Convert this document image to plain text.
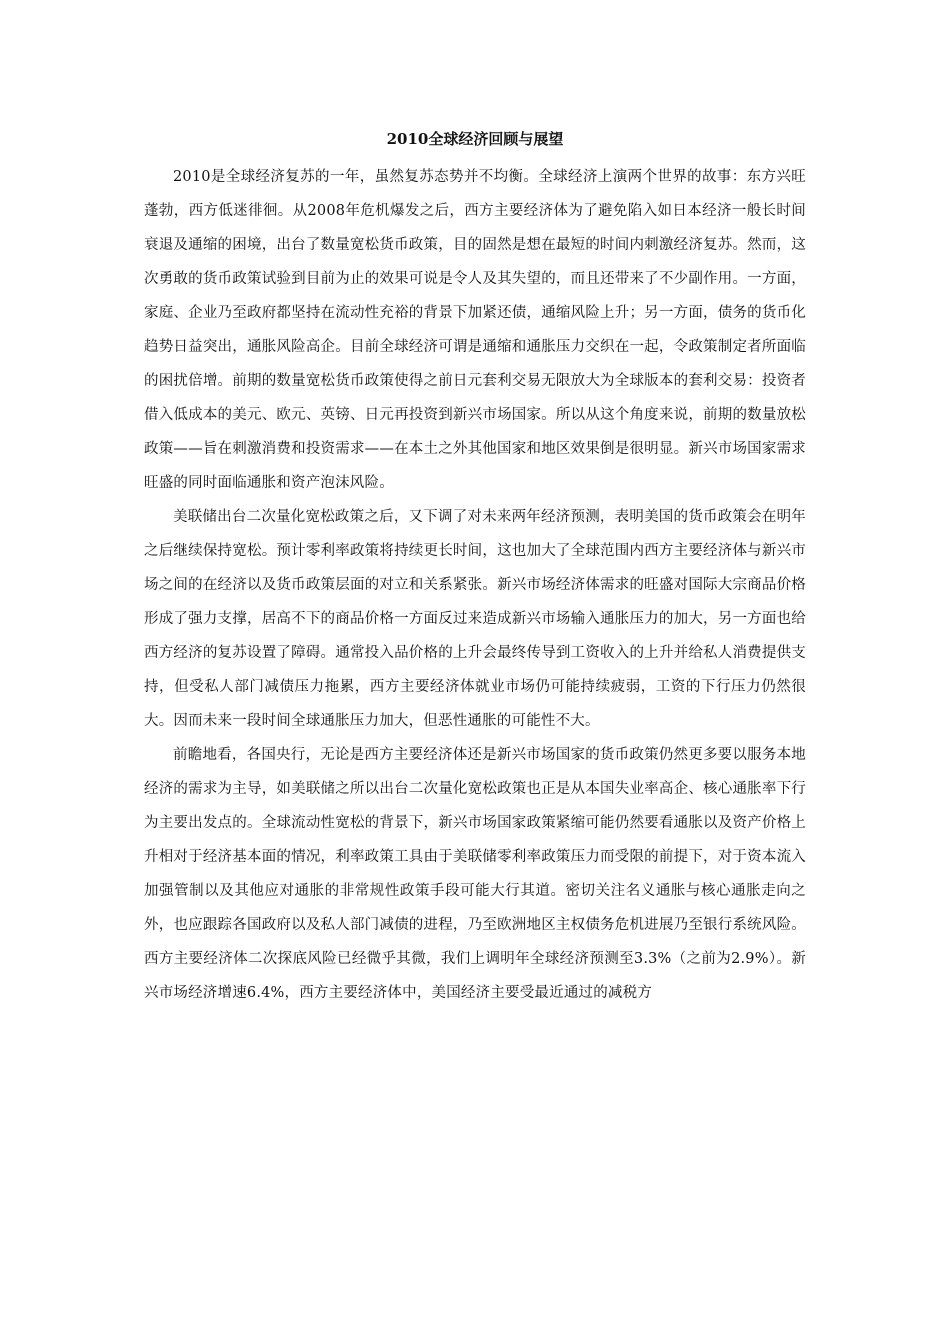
2010全球经济回顾与展望

2010是全球经济复苏的一年，虽然复苏态势并不均衡。全球经济上演两个世界的故事：东方兴旺蓬勃，西方低迷徘徊。从2008年危机爆发之后，西方主要经济体为了避免陷入如日本经济一般长时间衰退及通缩的困境，出台了数量宽松货币政策，目的固然是想在最短的时间内刺激经济复苏。然而，这次勇敢的货币政策试验到目前为止的效果可说是令人及其失望的，而且还带来了不少副作用。一方面，家庭、企业乃至政府都坚持在流动性充裕的背景下加紧还债，通缩风险上升；另一方面，债务的货币化趋势日益突出，通胀风险高企。目前全球经济可谓是通缩和通胀压力交织在一起，令政策制定者所面临的困扰倍增。前期的数量宽松货币政策使得之前日元套利交易无限放大为全球版本的套利交易：投资者借入低成本的美元、欧元、英镑、日元再投资到新兴市场国家。所以从这个角度来说，前期的数量放松政策——旨在刺激消费和投资需求——在本土之外其他国家和地区效果倒是很明显。新兴市场国家需求旺盛的同时面临通胀和资产泡沫风险。

美联储出台二次量化宽松政策之后，又下调了对未来两年经济预测，表明美国的货币政策会在明年之后继续保持宽松。预计零利率政策将持续更长时间，这也加大了全球范围内西方主要经济体与新兴市场之间的在经济以及货币政策层面的对立和关系紧张。新兴市场经济体需求的旺盛对国际大宗商品价格形成了强力支撑，居高不下的商品价格一方面反过来造成新兴市场输入通胀压力的加大，另一方面也给西方经济的复苏设置了障碍。通常投入品价格的上升会最终传导到工资收入的上升并给私人消费提供支持，但受私人部门减债压力拖累，西方主要经济体就业市场仍可能持续疲弱，工资的下行压力仍然很大。因而未来一段时间全球通胀压力加大，但恶性通胀的可能性不大。

前瞻地看，各国央行，无论是西方主要经济体还是新兴市场国家的货币政策仍然更多要以服务本地经济的需求为主导，如美联储之所以出台二次量化宽松政策也正是从本国失业率高企、核心通胀率下行为主要出发点的。全球流动性宽松的背景下，新兴市场国家政策紧缩可能仍然要看通胀以及资产价格上升相对于经济基本面的情况，利率政策工具由于美联储零利率政策压力而受限的前提下，对于资本流入加强管制以及其他应对通胀的非常规性政策手段可能大行其道。密切关注名义通胀与核心通胀走向之外，也应跟踪各国政府以及私人部门减债的进程，乃至欧洲地区主权债务危机进展乃至银行系统风险。 西方主要经济体二次探底风险已经微乎其微，我们上调明年全球经济预测至3.3%（之前为2.9%）。新兴市场经济增速6.4%，西方主要经济体中，美国经济主要受最近通过的减税方
